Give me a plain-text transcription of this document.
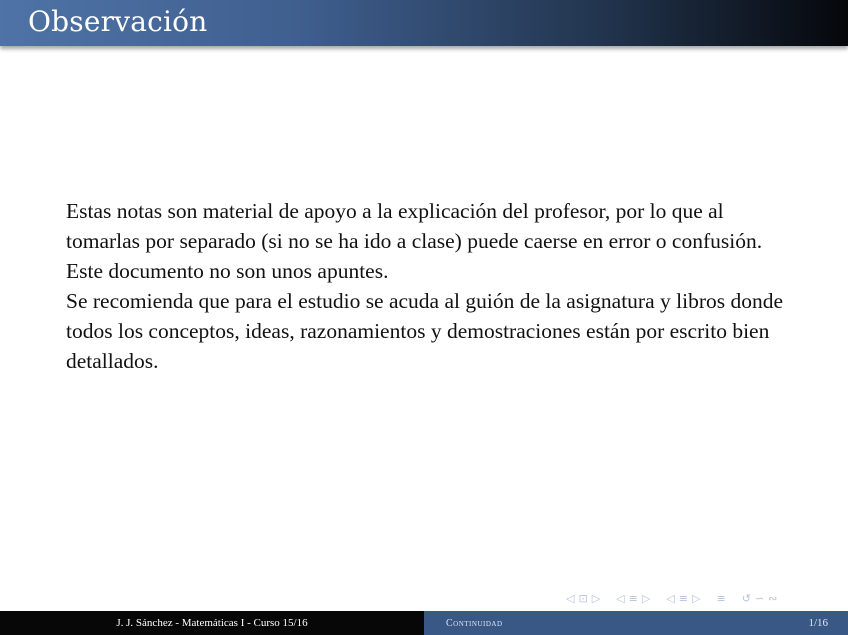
Observación
Estas notas son material de apoyo a la explicación del profesor, por lo que al tomarlas por separado (si no se ha ido a clase) puede caerse en error o confusión.
Este documento no son unos apuntes.
Se recomienda que para el estudio se acuda al guión de la asignatura y libros donde todos los conceptos, ideas, razonamientos y demostraciones están por escrito bien detallados.
◁ ⊡ ▷ ◁ ≡ ▷ ◁ ≡ ▷ ≡ ↺ ∽ ∾
J. J. Sánchez - Matemáticas I - Curso 15/16	Continuidad	1/16
